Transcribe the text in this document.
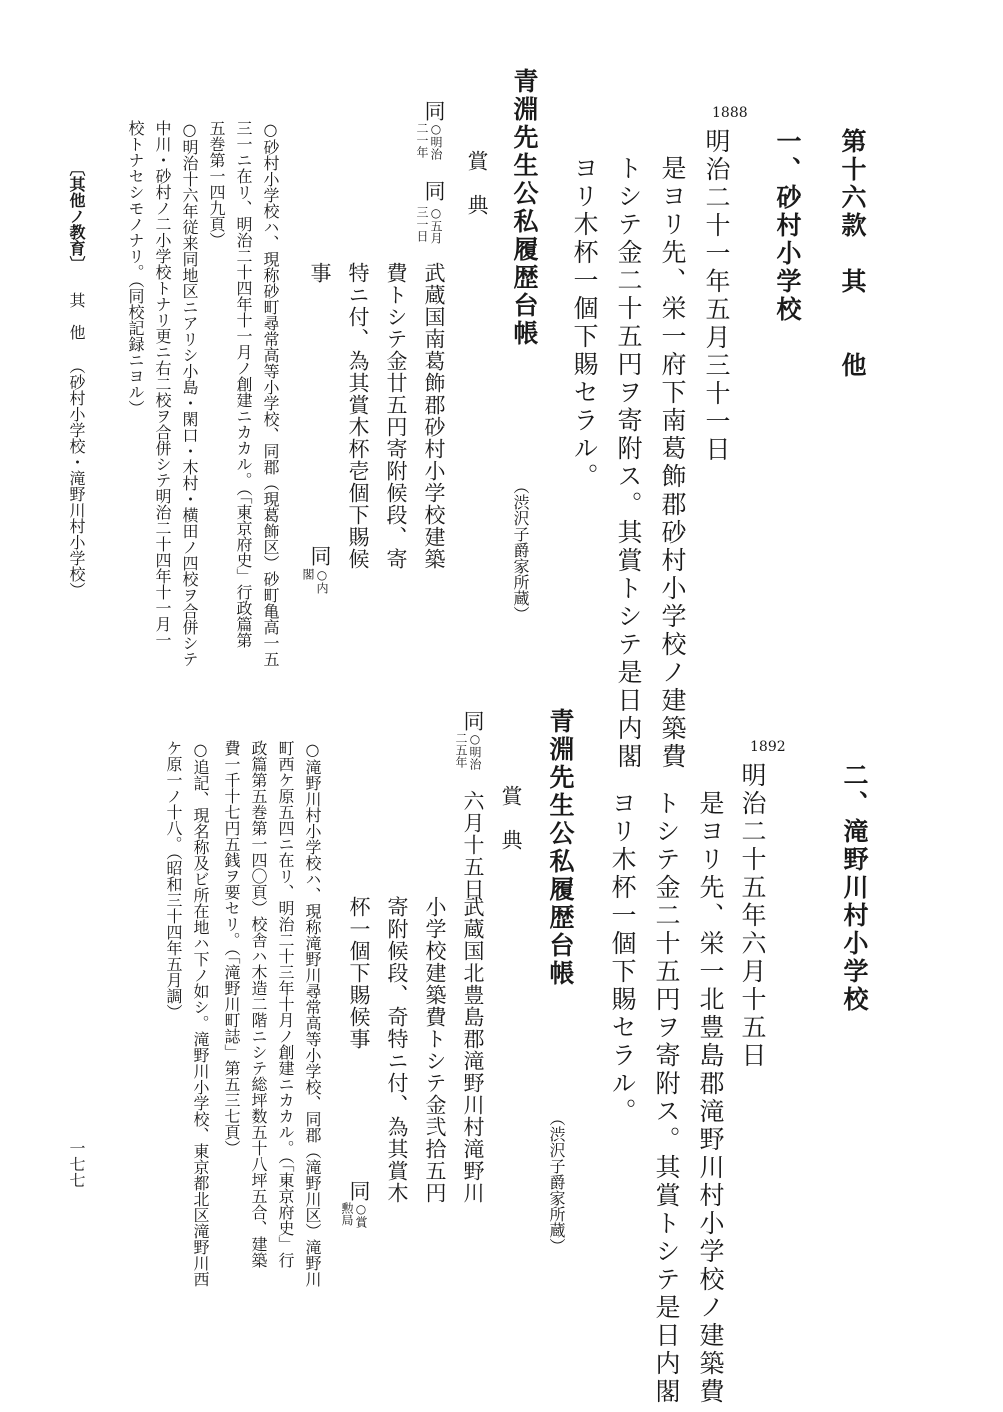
第十六款　其　　他
一、砂村小学校
1888

明治二十一年五月三十一日

是ヨリ先、栄一府下南葛飾郡砂村小学校ノ建築費

トシテ金二十五円ヲ寄附ス。其賞トシテ是日内閣

ヨリ木杯一個下賜セラル。

青淵先生公私履歴台帳
（渋沢子爵家所蔵）
賞　典
同
○明治
二一年
同
○五月
三一日

武蔵国南葛飾郡砂村小学校建築

費トシテ金廿五円寄附候段、寄

特ニ付、為其賞木杯壱個下賜候

事

同
○内
閣

○砂村小学校ハ、現称砂町尋常高等小学校、同郡（現葛飾区）砂町亀高一五

三一ニ在リ、明治二十四年十一月ノ創建ニカカル。（「東京府史」行政篇第

五巻第一四九頁）

○明治十六年従来同地区ニアリシ小島・閑口・木村・横田ノ四校ヲ合併シテ

中川・砂村ノ二小学校トナリ更ニ右二校ヲ合併シテ明治二十四年十一月一

校トナセシモノナリ。（同校記録ニヨル）

〔其他ノ教育〕
其　他
（砂村小学校・滝野川村小学校）
二、滝野川村小学校
1892

明治二十五年六月十五日

是ヨリ先、栄一北豊島郡滝野川村小学校ノ建築費

トシテ金二十五円ヲ寄附ス。其賞トシテ是日内閣

ヨリ木杯一個下賜セラル。

青淵先生公私履歴台帳
（渋沢子爵家所蔵）
賞　典
同
○明治
二五年
六月十五日

武蔵国北豊島郡滝野川村滝野川

小学校建築費トシテ金弐拾五円

寄附候段、奇特ニ付、為其賞木

杯一個下賜候事

同
○賞
勲局

○滝野川村小学校ハ、現称滝野川尋常高等小学校、同郡（滝野川区）滝野川

町西ケ原五四ニ在リ、明治二十三年十月ノ創建ニカカル。（「東京府史」行

政篇第五巻第一四〇頁）校舎ハ木造二階ニシテ総坪数五十八坪五合、建築

費一千十七円五銭ヲ要セリ。（「滝野川町誌」第五三七頁）

○追記、現名称及ビ所在地ハ下ノ如シ。滝野川小学校、東京都北区滝野川西

ケ原一ノ十八。（昭和三十四年五月調）

一七七
